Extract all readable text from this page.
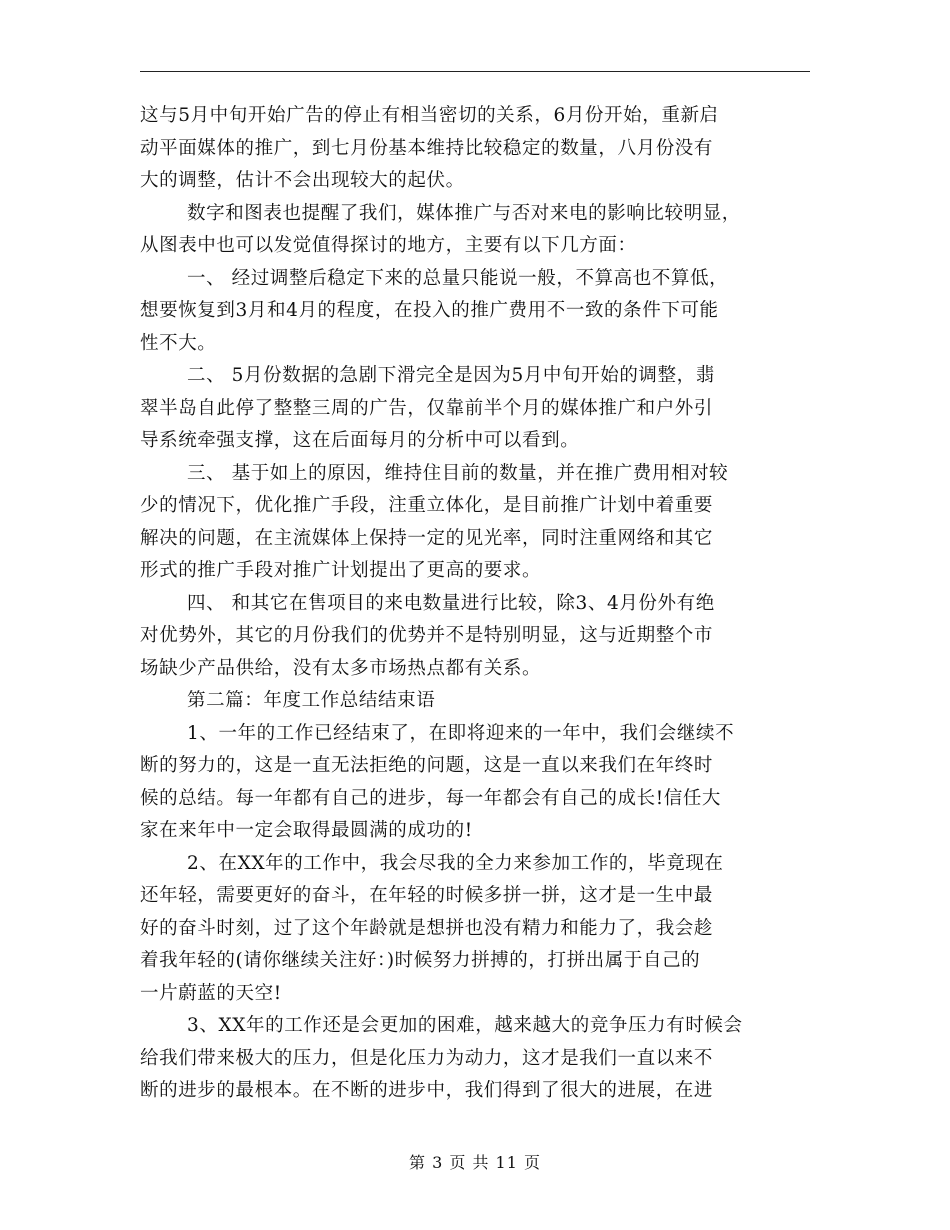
这与5月中旬开始广告的停止有相当密切的关系，6月份开始，重新启
动平面媒体的推广，到七月份基本维持比较稳定的数量，八月份没有
大的调整，估计不会出现较大的起伏。
数字和图表也提醒了我们，媒体推广与否对来电的影响比较明显，
从图表中也可以发觉值得探讨的地方，主要有以下几方面：
一、 经过调整后稳定下来的总量只能说一般，不算高也不算低，
想要恢复到3月和4月的程度，在投入的推广费用不一致的条件下可能
性不大。
二、 5月份数据的急剧下滑完全是因为5月中旬开始的调整，翡
翠半岛自此停了整整三周的广告，仅靠前半个月的媒体推广和户外引
导系统牵强支撑，这在后面每月的分析中可以看到。
三、 基于如上的原因，维持住目前的数量，并在推广费用相对较
少的情况下，优化推广手段，注重立体化，是目前推广计划中着重要
解决的问题，在主流媒体上保持一定的见光率，同时注重网络和其它
形式的推广手段对推广计划提出了更高的要求。
四、 和其它在售项目的来电数量进行比较，除3、4月份外有绝
对优势外，其它的月份我们的优势并不是特别明显，这与近期整个市
场缺少产品供给，没有太多市场热点都有关系。
第二篇：年度工作总结结束语
1、一年的工作已经结束了，在即将迎来的一年中，我们会继续不
断的努力的，这是一直无法拒绝的问题，这是一直以来我们在年终时
候的总结。每一年都有自己的进步，每一年都会有自己的成长!信任大
家在来年中一定会取得最圆满的成功的!
2、在XX年的工作中，我会尽我的全力来参加工作的，毕竟现在
还年轻，需要更好的奋斗，在年轻的时候多拼一拼，这才是一生中最
好的奋斗时刻，过了这个年龄就是想拼也没有精力和能力了，我会趁
着我年轻的(请你继续关注好：)时候努力拼搏的，打拼出属于自己的
一片蔚蓝的天空!
3、XX年的工作还是会更加的困难，越来越大的竞争压力有时候会
给我们带来极大的压力，但是化压力为动力，这才是我们一直以来不
断的进步的最根本。在不断的进步中，我们得到了很大的进展，在进
第 3 页 共 11 页
